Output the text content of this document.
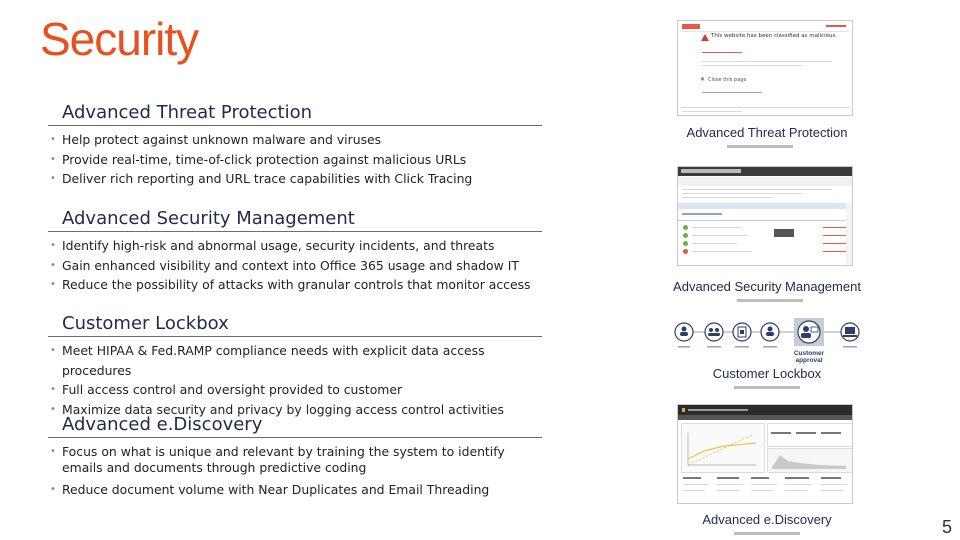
Security
Advanced Threat Protection
• Help protect against unknown malware and viruses
• Provide real-time, time-of-click protection against malicious URLs
• Deliver rich reporting and URL trace capabilities with Click Tracing
Advanced Security Management
• Identify high-risk and abnormal usage, security incidents, and threats
• Gain enhanced visibility and context into Office 365 usage and shadow IT
• Reduce the possibility of attacks with granular controls that monitor access
Customer Lockbox
• Meet HIPAA & Fed.RAMP compliance needs with explicit data access procedures
• Full access control and oversight provided to customer
• Maximize data security and privacy by logging access control activities
Advanced e.Discovery
• Focus on what is unique and relevant by training the system to identify emails and documents through predictive coding
• Reduce document volume with Near Duplicates and Email Threading
This website has been classified as malicious.
✕ Close this page
Advanced Threat Protection
Advanced Security Management
Customer approval
Customer Lockbox
Advanced e.Discovery	5
